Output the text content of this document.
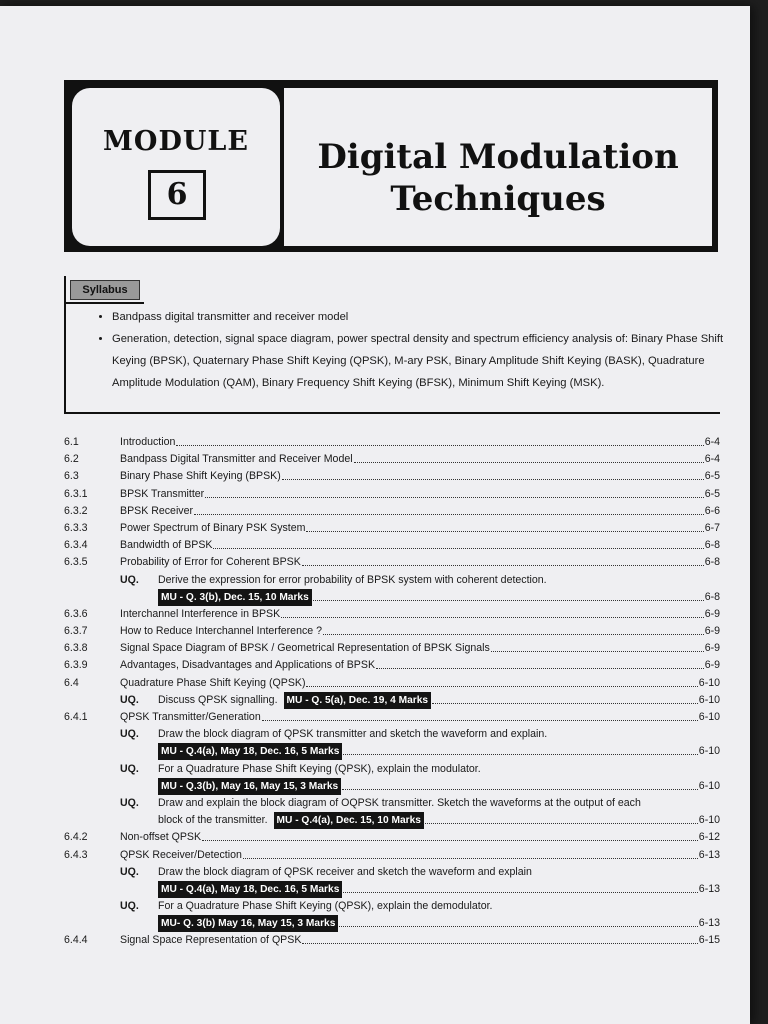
MODULE
6
Digital Modulation
Techniques
Syllabus
• Bandpass digital transmitter and receiver model
• Generation, detection, signal space diagram, power spectral density and spectrum efficiency analysis of: Binary Phase Shift Keying (BPSK), Quaternary Phase Shift Keying (QPSK), M-ary PSK, Binary Amplitude Shift Keying (BASK), Quadrature Amplitude Modulation (QAM), Binary Frequency Shift Keying (BFSK), Minimum Shift Keying (MSK).
6.1	Introduction	6-4
6.2	Bandpass Digital Transmitter and Receiver Model	6-4
6.3	Binary Phase Shift Keying (BPSK)	6-5
6.3.1	BPSK Transmitter	6-5
6.3.2	BPSK Receiver	6-6
6.3.3	Power Spectrum of Binary PSK System	6-7
6.3.4	Bandwidth of BPSK	6-8
6.3.5	Probability of Error for Coherent BPSK	6-8
UQ.	Derive the expression for error probability of BPSK system with coherent detection.
MU - Q. 3(b), Dec. 15, 10 Marks	6-8
6.3.6	Interchannel Interference in BPSK	6-9
6.3.7	How to Reduce Interchannel Interference ?	6-9
6.3.8	Signal Space Diagram of BPSK / Geometrical Representation of BPSK Signals	6-9
6.3.9	Advantages, Disadvantages and Applications of BPSK	6-9
6.4	Quadrature Phase Shift Keying (QPSK)	6-10
UQ.	Discuss QPSK signalling. MU - Q. 5(a), Dec. 19, 4 Marks	6-10
6.4.1	QPSK Transmitter/Generation	6-10
UQ.	Draw the block diagram of QPSK transmitter and sketch the waveform and explain.
MU - Q.4(a), May 18, Dec. 16, 5 Marks	6-10
UQ.	For a Quadrature Phase Shift Keying (QPSK), explain the modulator.
MU - Q.3(b), May 16, May 15, 3 Marks	6-10
UQ.	Draw and explain the block diagram of OQPSK transmitter. Sketch the waveforms at the output of each
block of the transmitter. MU - Q.4(a), Dec. 15, 10 Marks	6-10
6.4.2	Non-offset QPSK	6-12
6.4.3	QPSK Receiver/Detection	6-13
UQ.	Draw the block diagram of QPSK receiver and sketch the waveform and explain
MU - Q.4(a), May 18, Dec. 16, 5 Marks	6-13
UQ.	For a Quadrature Phase Shift Keying (QPSK), explain the demodulator.
MU- Q. 3(b) May 16, May 15, 3 Marks	6-13
6.4.4	Signal Space Representation of QPSK	6-15
